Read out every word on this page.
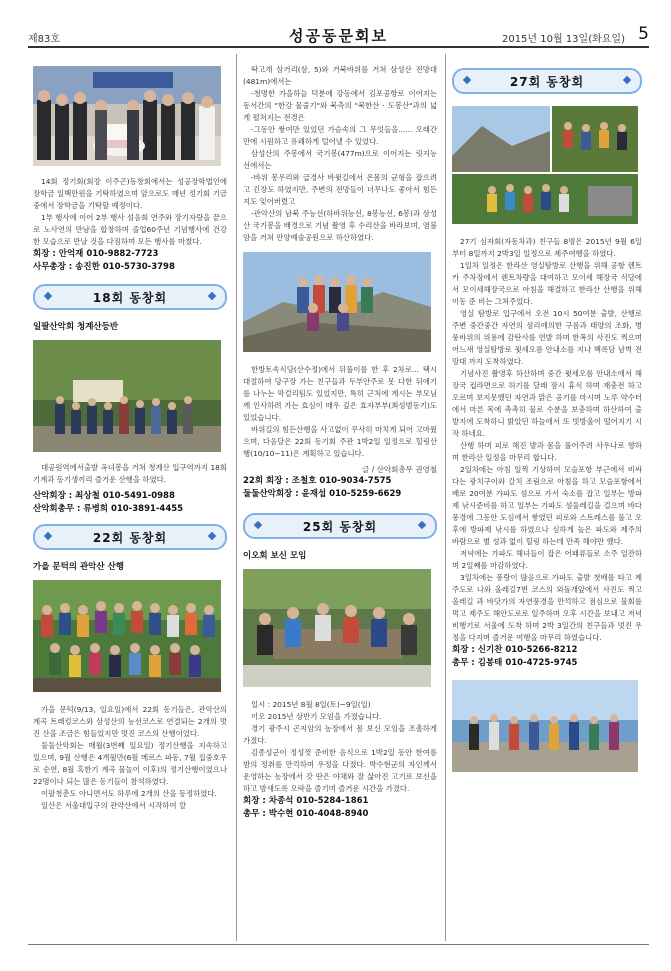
제83호	성공동문회보	2015년 10월 13일(화요일) 5

14회 정기회(회장 이주곤)동창회에서는 성공장학법인에 장학금 일백만원을 기탁하였으며 앞으로도 매년 정기회 기금 중에서 장학금을 기탁할 예정이다.

1부 행사에 이어 2부 행사 섬음회 연주와 장기자랑을 끝으로 노사연의 만남을 합창하며 졸업60주년 기념행사에 건강한 모습으로 만날 것을 다짐하며 모든 행사를 마쳤다.

회장 : 안억재 010-9882-7723
사무총장 : 송진한 010-5730-3798
18회 동창회
일팔산악회 청계산등반

대공원역에서출발 옥녀봉을 거쳐 청계산 입구역까지 18회 기계과 동기생끼리 즐거운 산행을 하였다.

산악회장 : 최상철 010-5491-0988
산악회총무 : 류병희 010-3891-4455
22회 동창회
가을 문턱의 관악산 산행

가을 문턱(9/13, 일요일)에서 22회 동기들은, 관악산의 계곡 트래킹코스와 삼성산의 능선코스로 연결되는 2개의 멋진 산을 조금은 힘들었지만 멋진 코스의 산행이었다.

둘둘산악회는 매월(3번째 일요일) 정기산행을 지속하고 있으며, 9월 산행은 4개월만(6월 메르스 파동, 7월 집중호우로 순연, 8월 혹한기 계곡 물놀이 이후)의 정기산행이였으나 22명이나 되는 많은 동기들이 참석하였다.

이팔청춘도 아니면서도 하루에 2개의 산을 등정하였다.

일산은 서울대입구의 관악산에서 시작하여 깔

딱고개 삼거리(삼, 5)와 거북바위를 거쳐 삼성산 전망대(481m)에서는

-청명한 가을하늘 덕분에 강동에서 김포공항로 이어지는 동서간의 "한강 물줄기"와 북측의 "북한산 · 도봉산"과의 넓게 펼쳐지는 전경은

-그동안 쌓여만 있었던 가슴속의 그 무엇들을...... 오래간만에 시원하고 유쾌하게 털어낼 수 있었다.

삼성산의 주봉에서 국기봉(477m)으로 이어지는 릿지능선에서는

-바위 봉우리와 급경사 바윗길에서 온몸의 균형을 잡으려고 긴장도 하였지만, 주변의 전망들이 너무나도 좋아서 힘든지도 잊어버렸고

-관악산의 남북 주능선(하바위능선, 8봉능선, 6봉)과 삼성산 국기봉을 배경으로 기념 촬영 후 수리산을 바라보며, 염불암을 거쳐 안양예술공원으로 하산하였다.

한방토속식당(산수정)에서 뒤풀이를 한 후 2차로... 택시 대절하여 당구장 가는 친구들과 두부안주로 못 다한 뒤애기를 나누는 막걸리팀도 있었지만, 특히 근처에 계시는 부모님께 인사하려 가는 효심이 매우 깊은 효자부부(최성범동기)도 있었습니다.

바위길의 힘든산행을 사고없이 무사히 마치게 되어 고마웠으며, 다음달은 22회 동기회 주관 1박2일 일정으로 힐링산행(10/10~11)은 계획하고 있습니다.

글 / 산악회총무 권영철
22회 회장 : 조철호 010-9034-7575
둘둘산악회장 : 윤재섭 010-5259-6629
25회 동창회
이오회 보신 모임

일시 : 2015년 8월 8일(토)~9일(일)

이오 2015년 상반기 모임을 가졌습니다.

경기 광주시 곤지암의 농장에서 몸 보신 모임을 조촐하게 가졌다.

김종성군이 정성껏 준비한 음식으로 1박2일 동안 한여름 밤의 정취를 만끽하며 우정을 다졌다. 박수현군의 자인께서 운영하는 농장에서 갓 딴은 야채와 잘 삶아진 고기로 보신을 하고 밤새도록 오락을 즐기며 즐거운 시간을 가졌다.

회장 : 차종석 010-5284-1861
총무 : 박수현 010-4048-8940
27회 동창회

27기 심자회(자동차과) 친구들 8명은 2015년 9월 6일부터 8일까지 2박3일 일정으로 제주여행을 하였다.

1일차 일정은 한라산 영실탐방로 산행을 위해 공항 렌트카 주차장에서 렌트차량을 대여하고 모이세 해장국 식당에서 모이세해장국으로 아침을 해결하고 한라산 산행을 위해 이동 준 비는 그쳐주었다.

영실 탐방로 입구에서 오전 10시 50여분 출발, 산행로 주변 중간중간 자연의 섬리에의한 구름과 태양의 조화, 병풍바위의 위용에 감탄사를 연발 하며 한폭의 사진도 찍으며 어느새 영실탐방로 윗세오름 안내소를 지나 백록담 남벽 전망대 까지 도착하였다.

기념사진 촬영후 하산하며 중간 윗세오름 안내소에서 해장국 컵라면으로 허기를 달래 잠시 휴식 하며 재충전 하고 오르며 보지못했던 자연과 맑은 공기를 마시며 노루 약수터에서 마른 목에 촉촉히 물로 수분을 보충하며 하산하여 출발지에 도착하니 밝았던 하늘에서 또 빗방울이 떨어지기 시작 하네요.

산행 하며 피로 해진 발과 몸을 풀어주려 사우나로 향하며 한라산 일정을 마무리 합니다.

2일차에는 아침 일찍 기상하여 모슬포항 부근에서 비싸다는 광치구이와 갈치 조림으로 아침을 하고 모슬포항에서 배로 20여분 가파도 섬으로 가서 숙소를 잡고 일부는 방파제 낚시준비를 하고 일부는 가파도 섬둘레길을 걸으며 바다풍경에 그동안 도심에서 쌓였던 피로와 스트레스를 풀고 오후에 방파제 낚시를 하였으나 심하게 높은 파도와 제주의 바람으로 별 성과 없이 힐링 하는데 만족 해야만 했다.

저녁에는 가파도 해녀들이 잡은 어패류들로 소주 일잔하며 2일째를 마감하였다.

3일차에는 풍랑이 많음으로 가파도 출발 첫배를 타고 제주도로 나와 올레길7번 코스의 외돌개앞에서 사진도 찍고 올레길 과 바닷가의 자연풍경을 만끽하고 점심으로 물회를 먹고 제주도 해안도로로 일주하며 오후 시간을 보내고 저녁 비행기로 서울에 도착 하며 2박 3일간의 친구들과 멋진 우정을 다지며 즐거운 여행을 마무리 하였습니다.

회장 : 신기찬 010-5266-8212
총무 : 김봉태 010-4725-9745
